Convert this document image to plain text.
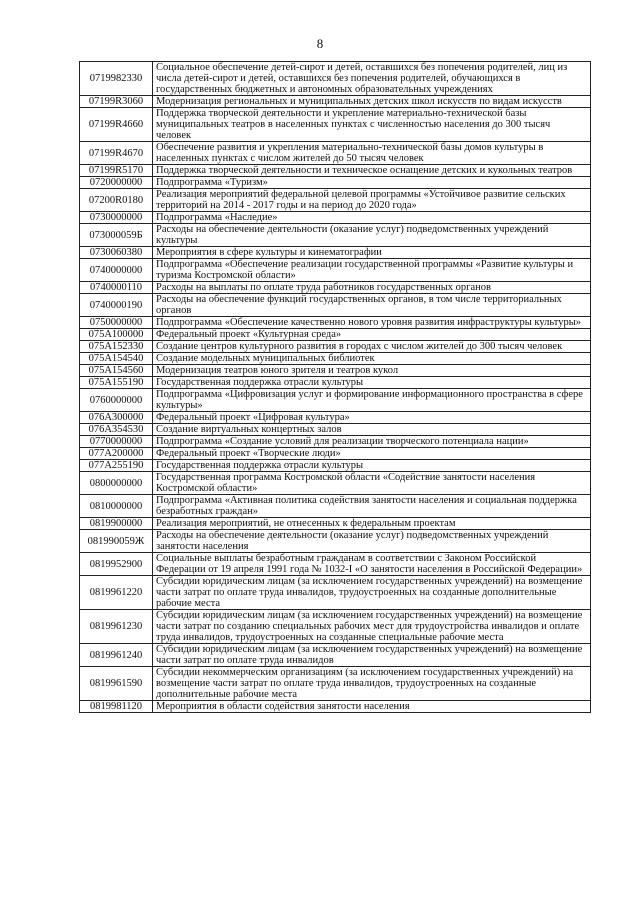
8
0719982330	Социальное обеспечение детей-сирот и детей, оставшихся без попечения родителей, лиц из числа детей-сирот и детей, оставшихся без попечения родителей, обучающихся в государственных бюджетных и автономных образовательных учреждениях
07199R3060	Модернизация региональных и муниципальных детских школ искусств по видам искусств
07199R4660	Поддержка творческой деятельности и укрепление материально-технической базы муниципальных театров в населенных пунктах с численностью населения до 300 тысяч человек
07199R4670	Обеспечение развития и укрепления материально-технической базы домов культуры в населенных пунктах с числом жителей до 50 тысяч человек
07199R5170	Поддержка творческой деятельности и техническое оснащение детских и кукольных театров
0720000000	Подпрограмма «Туризм»
07200R0180	Реализация мероприятий федеральной целевой программы «Устойчивое развитие сельских территорий на 2014 - 2017 годы и на период до 2020 года»
0730000000	Подпрограмма «Наследие»
073000059Б	Расходы на обеспечение деятельности (оказание услуг) подведомственных учреждений культуры
0730060380	Мероприятия в сфере культуры и кинематографии
0740000000	Подпрограмма «Обеспечение реализации государственной программы «Развитие культуры и туризма Костромской области»
0740000110	Расходы на выплаты по оплате труда работников государственных органов
0740000190	Расходы на обеспечение функций государственных органов, в том числе территориальных органов
0750000000	Подпрограмма «Обеспечение качественно нового уровня развития инфраструктуры культуры»
075A100000	Федеральный проект «Культурная среда»
075A152330	Создание центров культурного развития в городах с числом жителей до 300 тысяч человек
075A154540	Создание модельных муниципальных библиотек
075A154560	Модернизация театров юного зрителя и театров кукол
075A155190	Государственная поддержка отрасли культуры
0760000000	Подпрограмма «Цифровизация услуг и формирование информационного пространства в сфере культуры»
076A300000	Федеральный проект «Цифровая культура»
076A354530	Создание виртуальных концертных залов
0770000000	Подпрограмма «Создание условий для реализации творческого потенциала нации»
077A200000	Федеральный проект «Творческие люди»
077A255190	Государственная поддержка отрасли культуры
0800000000	Государственная программа Костромской области «Содействие занятости населения Костромской области»
0810000000	Подпрограмма «Активная политика содействия занятости населения и социальная поддержка безработных граждан»
0819900000	Реализация мероприятий, не отнесенных к федеральным проектам
081990059Ж	Расходы на обеспечение деятельности (оказание услуг) подведомственных учреждений занятости населения
0819952900	Социальные выплаты безработным гражданам в соответствии с Законом Российской Федерации от 19 апреля 1991 года № 1032-I «О занятости населения в Российской Федерации»
0819961220	Субсидии юридическим лицам (за исключением государственных учреждений) на возмещение части затрат по оплате труда инвалидов, трудоустроенных на созданные дополнительные рабочие места
0819961230	Субсидии юридическим лицам (за исключением государственных учреждений) на возмещение части затрат по созданию специальных рабочих мест для трудоустройства инвалидов и оплате труда инвалидов, трудоустроенных на созданные специальные рабочие места
0819961240	Субсидии юридическим лицам (за исключением государственных учреждений) на возмещение части затрат по оплате труда инвалидов
0819961590	Субсидии некоммерческим организациям (за исключением государственных учреждений) на возмещение части затрат по оплате труда инвалидов, трудоустроенных на созданные дополнительные рабочие места
0819981120	Мероприятия в области содействия занятости населения
